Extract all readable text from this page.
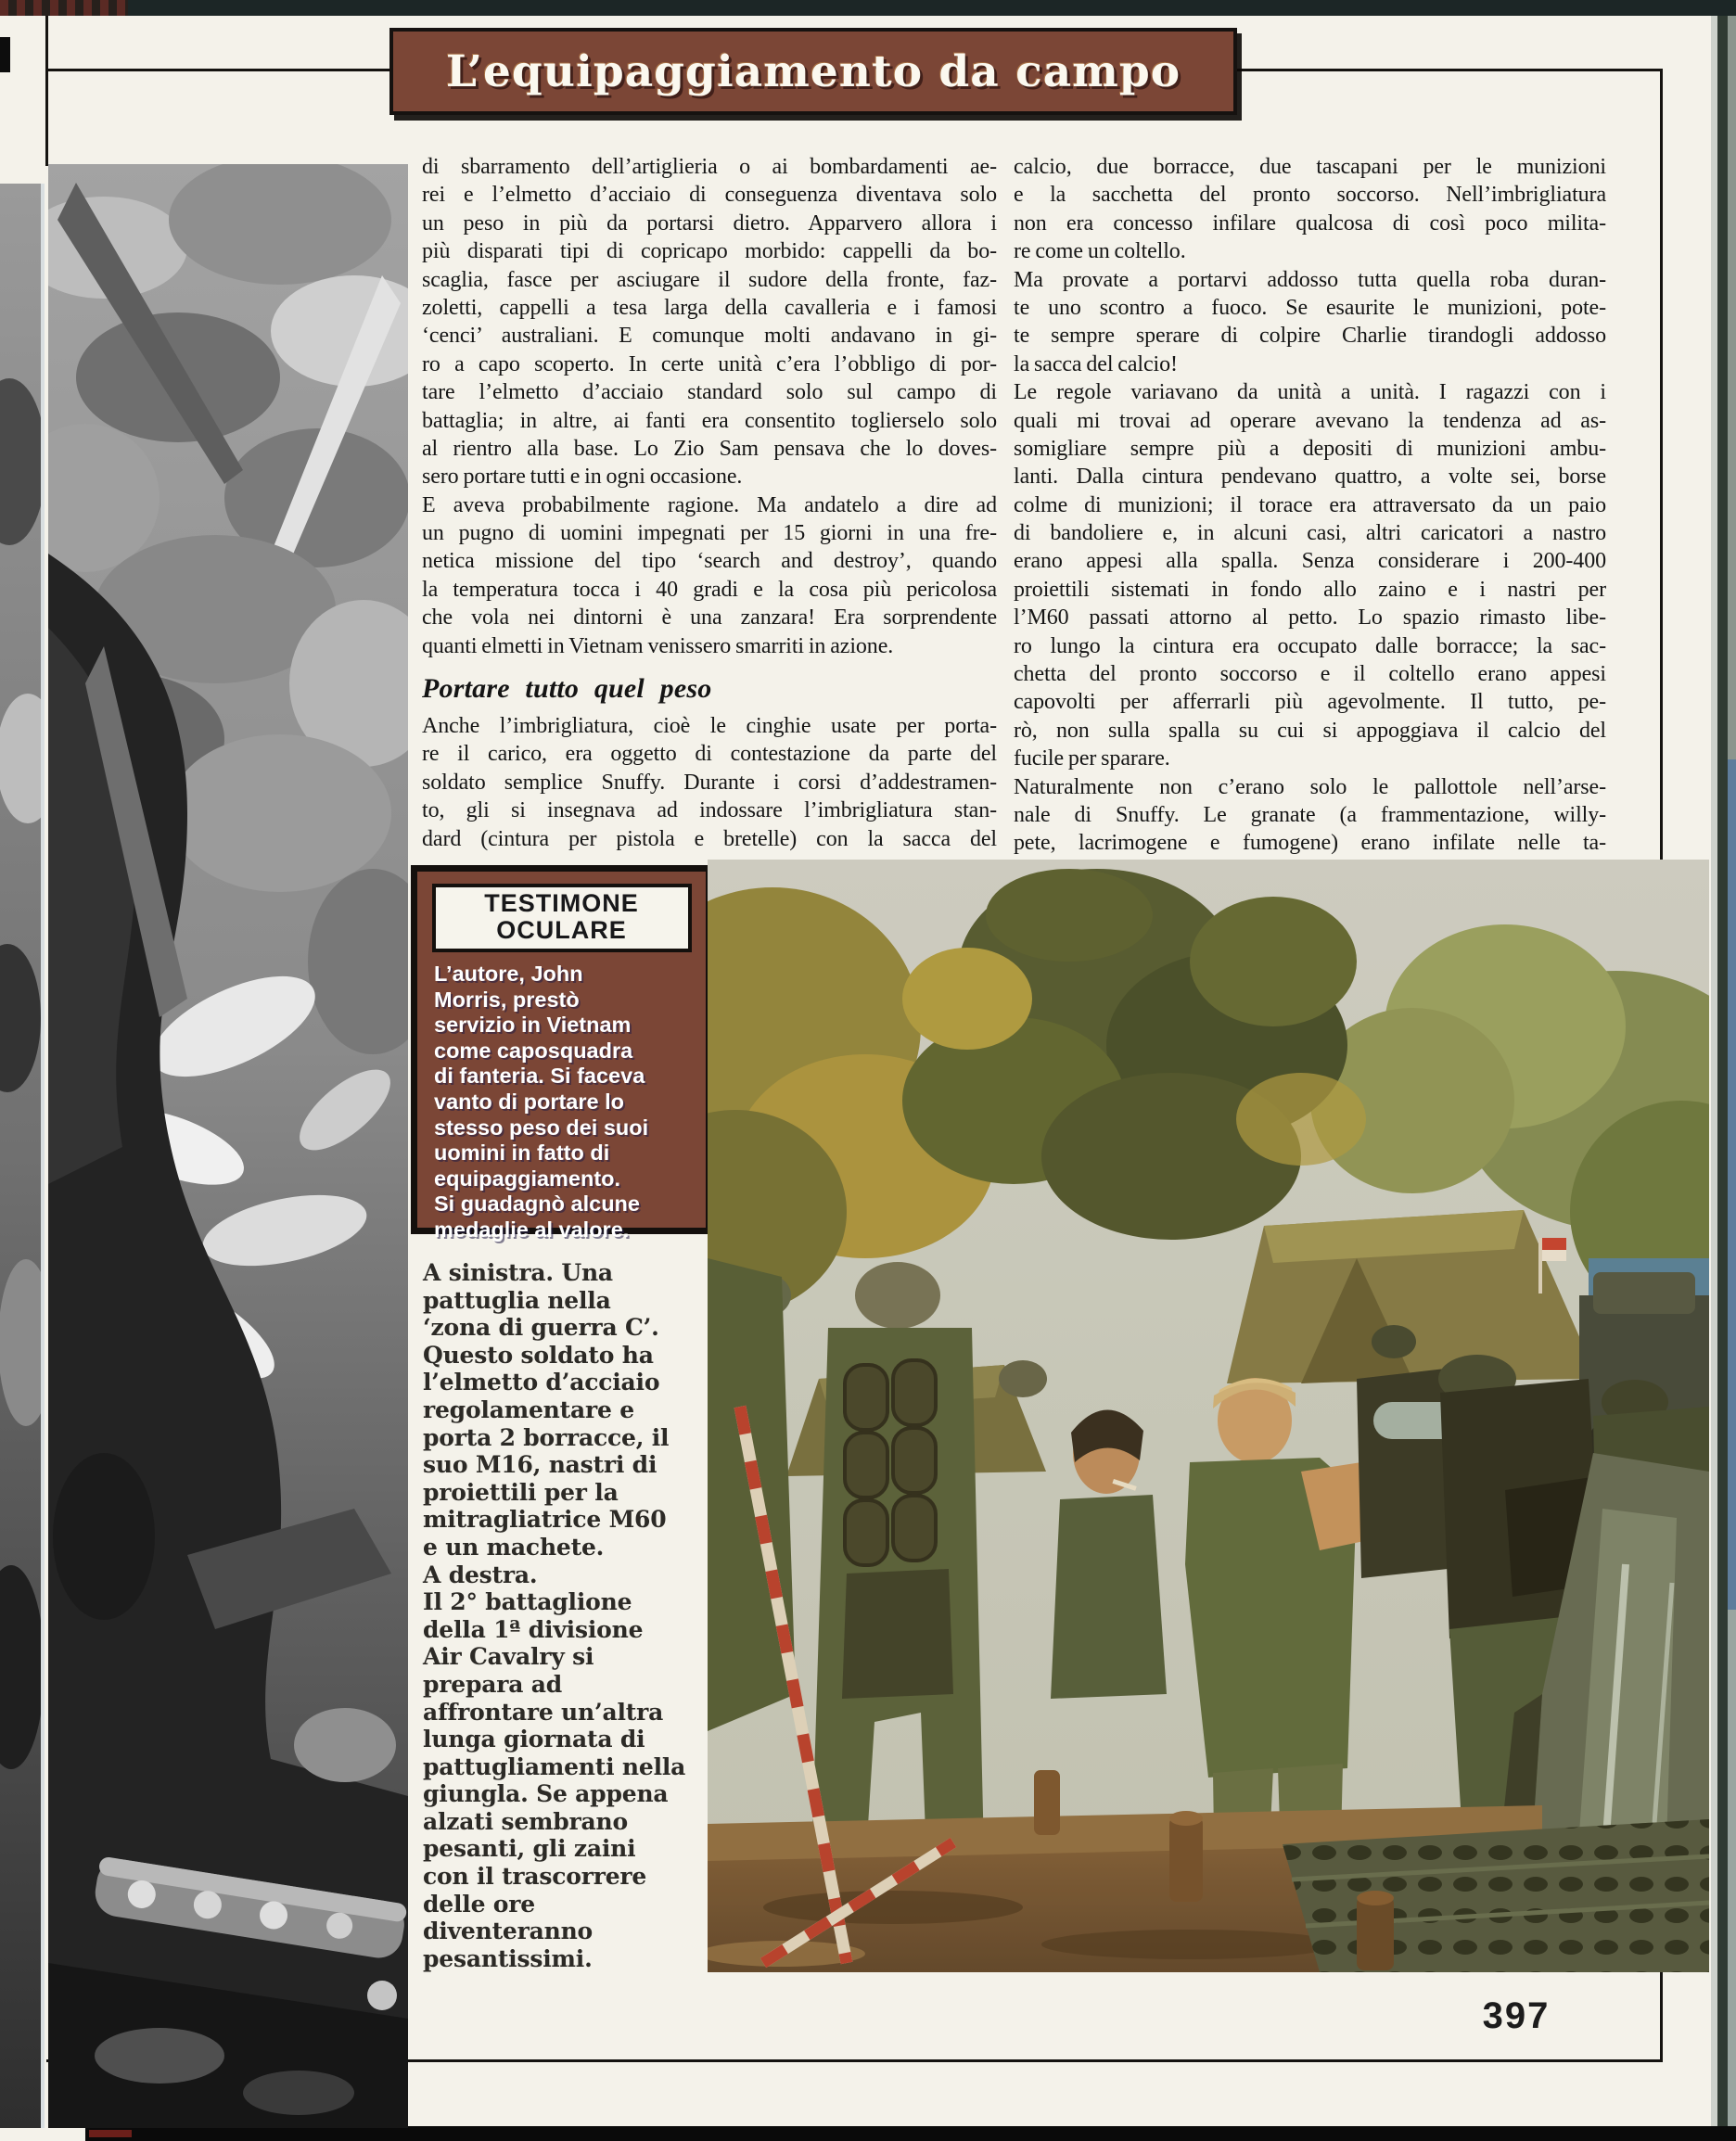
L’equipaggiamento da campo
di sbarramento dell’artiglieria o ai bombardamenti ae-
rei e l’elmetto d’acciaio di conseguenza diventava solo
un peso in più da portarsi dietro. Apparvero allora i
più disparati tipi di copricapo morbido: cappelli da bo-
scaglia, fasce per asciugare il sudore della fronte, faz-
zoletti, cappelli a tesa larga della cavalleria e i famosi
‘cenci’ australiani. E comunque molti andavano in gi-
ro a capo scoperto. In certe unità c’era l’obbligo di por-
tare l’elmetto d’acciaio standard solo sul campo di
battaglia; in altre, ai fanti era consentito toglierselo solo
al rientro alla base. Lo Zio Sam pensava che lo doves-
sero portare tutti e in ogni occasione.
E aveva probabilmente ragione. Ma andatelo a dire ad
un pugno di uomini impegnati per 15 giorni in una fre-
netica missione del tipo ‘search and destroy’, quando
la temperatura tocca i 40 gradi e la cosa più pericolosa
che vola nei dintorni è una zanzara! Era sorprendente
quanti elmetti in Vietnam venissero smarriti in azione.
Portare tutto quel peso
Anche l’imbrigliatura, cioè le cinghie usate per porta-
re il carico, era oggetto di contestazione da parte del
soldato semplice Snuffy. Durante i corsi d’addestramen-
to, gli si insegnava ad indossare l’imbrigliatura stan-
dard (cintura per pistola e bretelle) con la sacca del
calcio, due borracce, due tascapani per le munizioni
e la sacchetta del pronto soccorso. Nell’imbrigliatura
non era concesso infilare qualcosa di così poco milita-
re come un coltello.
Ma provate a portarvi addosso tutta quella roba duran-
te uno scontro a fuoco. Se esaurite le munizioni, pote-
te sempre sperare di colpire Charlie tirandogli addosso
la sacca del calcio!
Le regole variavano da unità a unità. I ragazzi con i
quali mi trovai ad operare avevano la tendenza ad as-
somigliare sempre più a depositi di munizioni ambu-
lanti. Dalla cintura pendevano quattro, a volte sei, borse
colme di munizioni; il torace era attraversato da un paio
di bandoliere e, in alcuni casi, altri caricatori a nastro
erano appesi alla spalla. Senza considerare i 200-400
proiettili sistemati in fondo allo zaino e i nastri per
l’M60 passati attorno al petto. Lo spazio rimasto libe-
ro lungo la cintura era occupato dalle borracce; la sac-
chetta del pronto soccorso e il coltello erano appesi
capovolti per afferrarli più agevolmente. Il tutto, pe-
rò, non sulla spalla su cui si appoggiava il calcio del
fucile per sparare.
Naturalmente non c’erano solo le pallottole nell’arse-
nale di Snuffy. Le granate (a frammentazione, willy-
pete, lacrimogene e fumogene) erano infilate nelle ta-
TESTIMONE
OCULARE
L’autore, John
Morris, prestò
servizio in Vietnam
come caposquadra
di fanteria. Si faceva
vanto di portare lo
stesso peso dei suoi
uomini in fatto di
equipaggiamento.
Si guadagnò alcune
medaglie al valore.
A sinistra. Una
pattuglia nella
‘zona di guerra C’.
Questo soldato ha
l’elmetto d’acciaio
regolamentare e
porta 2 borracce, il
suo M16, nastri di
proiettili per la
mitragliatrice M60
e un machete.
A destra.
Il 2° battaglione
della 1ª divisione
Air Cavalry si
prepara ad
affrontare un’altra
lunga giornata di
pattugliamenti nella
giungla. Se appena
alzati sembrano
pesanti, gli zaini
con il trascorrere
delle ore
diventeranno
pesantissimi.
397
